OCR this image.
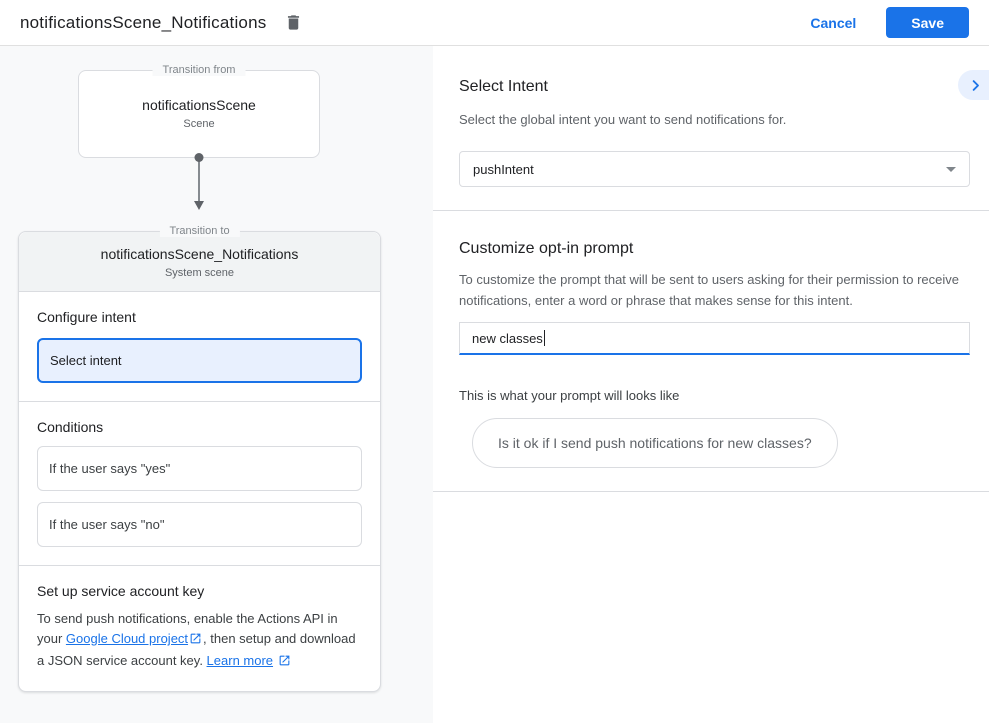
notificationsScene_Notifications	Cancel	Save
Transition from
notificationsScene
Scene
Transition to
notificationsScene_Notifications
System scene
Configure intent
Select intent
Conditions
If the user says "yes"
If the user says "no"
Set up service account key

To send push notifications, enable the Actions API in your Google Cloud project , then setup and download a JSON service account key. Learn more

Select Intent
Select the global intent you want to send notifications for.
pushIntent
Customize opt-in prompt
To customize the prompt that will be sent to users asking for their permission to receive notifications, enter a word or phrase that makes sense for this intent.
new classes
This is what your prompt will looks like
Is it ok if I send push notifications for new classes?
